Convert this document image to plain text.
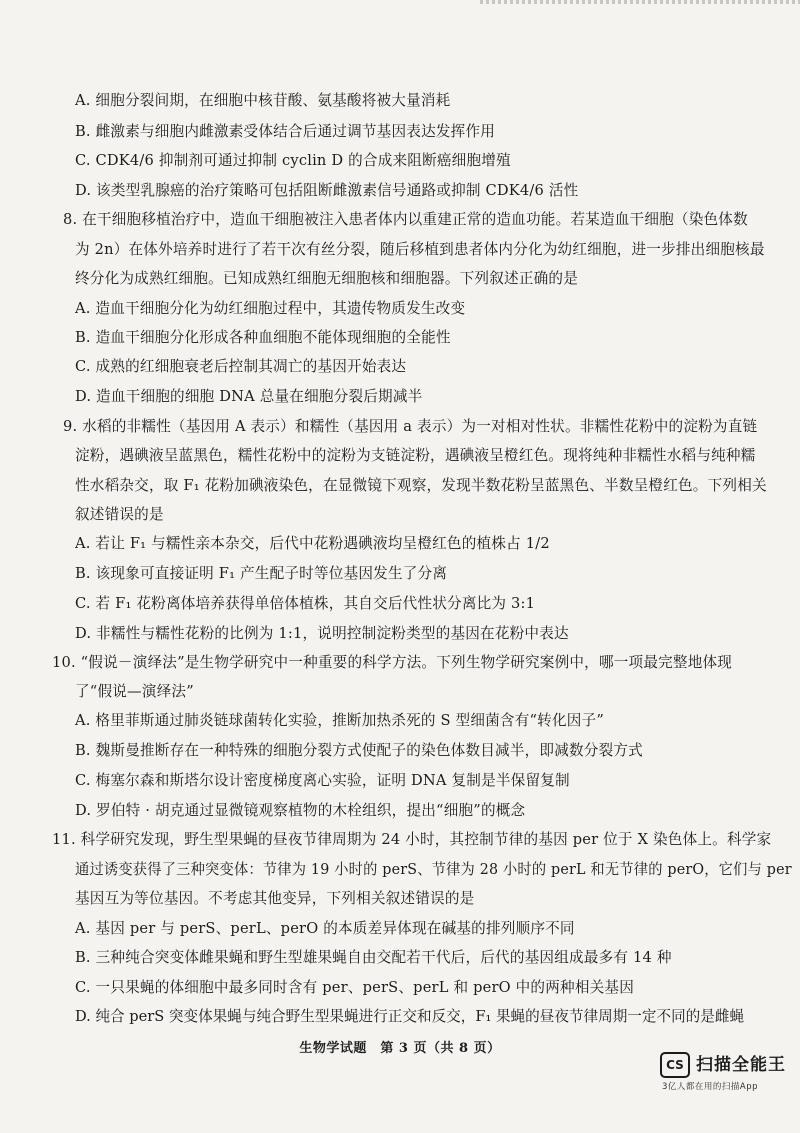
A. 细胞分裂间期，在细胞中核苷酸、氨基酸将被大量消耗
B. 雌激素与细胞内雌激素受体结合后通过调节基因表达发挥作用
C. CDK4/6 抑制剂可通过抑制 cyclin D 的合成来阻断癌细胞增殖
D. 该类型乳腺癌的治疗策略可包括阻断雌激素信号通路或抑制 CDK4/6 活性
8. 在干细胞移植治疗中，造血干细胞被注入患者体内以重建正常的造血功能。若某造血干细胞（染色体数
为 2n）在体外培养时进行了若干次有丝分裂，随后移植到患者体内分化为幼红细胞，进一步排出细胞核最
终分化为成熟红细胞。已知成熟红细胞无细胞核和细胞器。下列叙述正确的是
A. 造血干细胞分化为幼红细胞过程中，其遗传物质发生改变
B. 造血干细胞分化形成各种血细胞不能体现细胞的全能性
C. 成熟的红细胞衰老后控制其凋亡的基因开始表达
D. 造血干细胞的细胞 DNA 总量在细胞分裂后期减半
9. 水稻的非糯性（基因用 A 表示）和糯性（基因用 a 表示）为一对相对性状。非糯性花粉中的淀粉为直链
淀粉，遇碘液呈蓝黑色，糯性花粉中的淀粉为支链淀粉，遇碘液呈橙红色。现将纯种非糯性水稻与纯种糯
性水稻杂交，取 F₁ 花粉加碘液染色，在显微镜下观察，发现半数花粉呈蓝黑色、半数呈橙红色。下列相关
叙述错误的是
A. 若让 F₁ 与糯性亲本杂交，后代中花粉遇碘液均呈橙红色的植株占 1/2
B. 该现象可直接证明 F₁ 产生配子时等位基因发生了分离
C. 若 F₁ 花粉离体培养获得单倍体植株，其自交后代性状分离比为 3:1
D. 非糯性与糯性花粉的比例为 1:1，说明控制淀粉类型的基因在花粉中表达
10. “假说－演绎法”是生物学研究中一种重要的科学方法。下列生物学研究案例中，哪一项最完整地体现
了“假说—演绎法”
A. 格里菲斯通过肺炎链球菌转化实验，推断加热杀死的 S 型细菌含有“转化因子”
B. 魏斯曼推断存在一种特殊的细胞分裂方式使配子的染色体数目减半，即减数分裂方式
C. 梅塞尔森和斯塔尔设计密度梯度离心实验，证明 DNA 复制是半保留复制
D. 罗伯特 · 胡克通过显微镜观察植物的木栓组织，提出“细胞”的概念
11. 科学研究发现，野生型果蝇的昼夜节律周期为 24 小时，其控制节律的基因 per 位于 X 染色体上。科学家
通过诱变获得了三种突变体：节律为 19 小时的 perS、节律为 28 小时的 perL 和无节律的 perO，它们与 per
基因互为等位基因。不考虑其他变异，下列相关叙述错误的是
A. 基因 per 与 perS、perL、perO 的本质差异体现在碱基的排列顺序不同
B. 三种纯合突变体雌果蝇和野生型雄果蝇自由交配若干代后，后代的基因组成最多有 14 种
C. 一只果蝇的体细胞中最多同时含有 per、perS、perL 和 perO 中的两种相关基因
D. 纯合 perS 突变体果蝇与纯合野生型果蝇进行正交和反交，F₁ 果蝇的昼夜节律周期一定不同的是雌蝇
生物学试题　第 3 页（共 8 页）
CS 扫描全能王
3亿人都在用的扫描App
